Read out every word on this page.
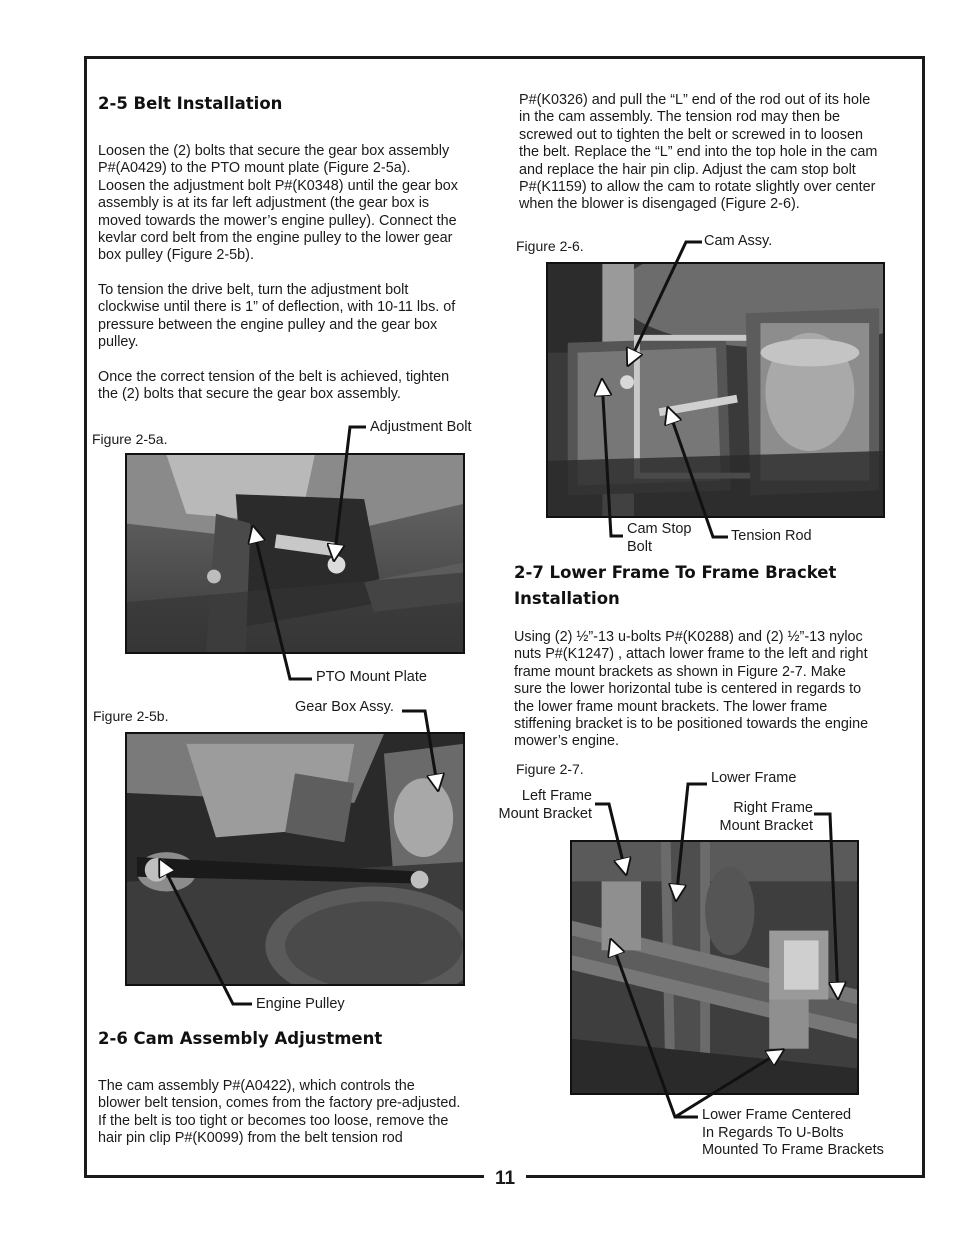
11
2-5 Belt Installation
Loosen the (2) bolts that secure the gear box assembly
P#(A0429) to the PTO mount plate (Figure 2-5a).
Loosen the adjustment bolt P#(K0348) until the gear box
assembly is at its far left adjustment (the gear box is
moved towards the mower’s engine pulley). Connect the
kevlar cord belt from the engine pulley to the lower gear
box pulley (Figure 2-5b).
To tension the drive belt, turn the adjustment bolt
clockwise until there is 1” of deflection, with 10-11 lbs. of
pressure between the engine pulley and the gear box
pulley.
Once the correct tension of the belt is achieved, tighten
the (2) bolts that secure the gear box assembly.
Figure 2-5a.
Adjustment Bolt
PTO Mount Plate
Figure 2-5b.
Gear Box Assy.
Engine Pulley
2-6 Cam Assembly Adjustment
The cam assembly P#(A0422), which controls the
blower belt tension, comes from the factory pre-adjusted.
If the belt is too tight or becomes too loose, remove the
hair pin clip P#(K0099) from the belt tension rod
P#(K0326) and pull the “L” end of the rod out of its hole
in the cam assembly. The tension rod may then be
screwed out to tighten the belt or screwed in to loosen
the belt. Replace the “L” end into the top hole in the cam
and replace the hair pin clip. Adjust the cam stop bolt
P#(K1159) to allow the cam to rotate slightly over center
when the blower is disengaged (Figure 2-6).
Figure 2-6.	Cam Assy.
Cam Stop
Bolt
Tension Rod
2-7 Lower Frame To Frame Bracket
Installation
Using (2) ½”-13 u-bolts P#(K0288) and (2) ½”-13 nyloc
nuts P#(K1247) , attach lower frame to the left and right
frame mount brackets as shown in Figure 2-7. Make
sure the lower horizontal tube is centered in regards to
the lower frame mount brackets. The lower frame
stiffening bracket is to be positioned towards the engine
mower’s engine.
Figure 2-7.
Lower Frame
Left Frame
Mount Bracket	Right Frame
Mount Bracket
Lower Frame Centered
In Regards To U-Bolts
Mounted To Frame Brackets
